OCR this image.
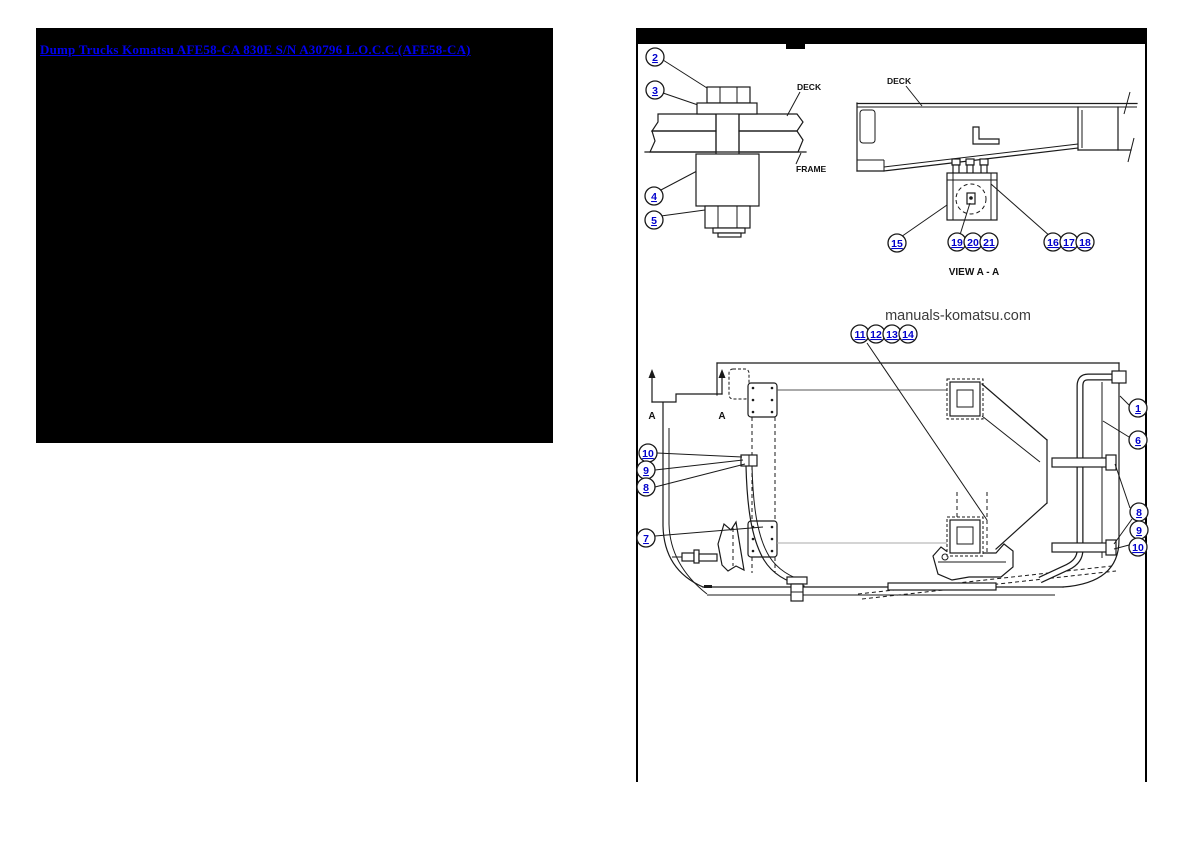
Dump Trucks Komatsu AFE58-CA 830E S/N A30796 L.O.C.C.(AFE58-CA)
DECK
FRAME
DECK
VIEW A - A
manuals-komatsu.com
A	A
2
3
4
5
15	19 20 21	16 17 18
11 12 13 14
1
6
8
9
10
10
9
8
7
